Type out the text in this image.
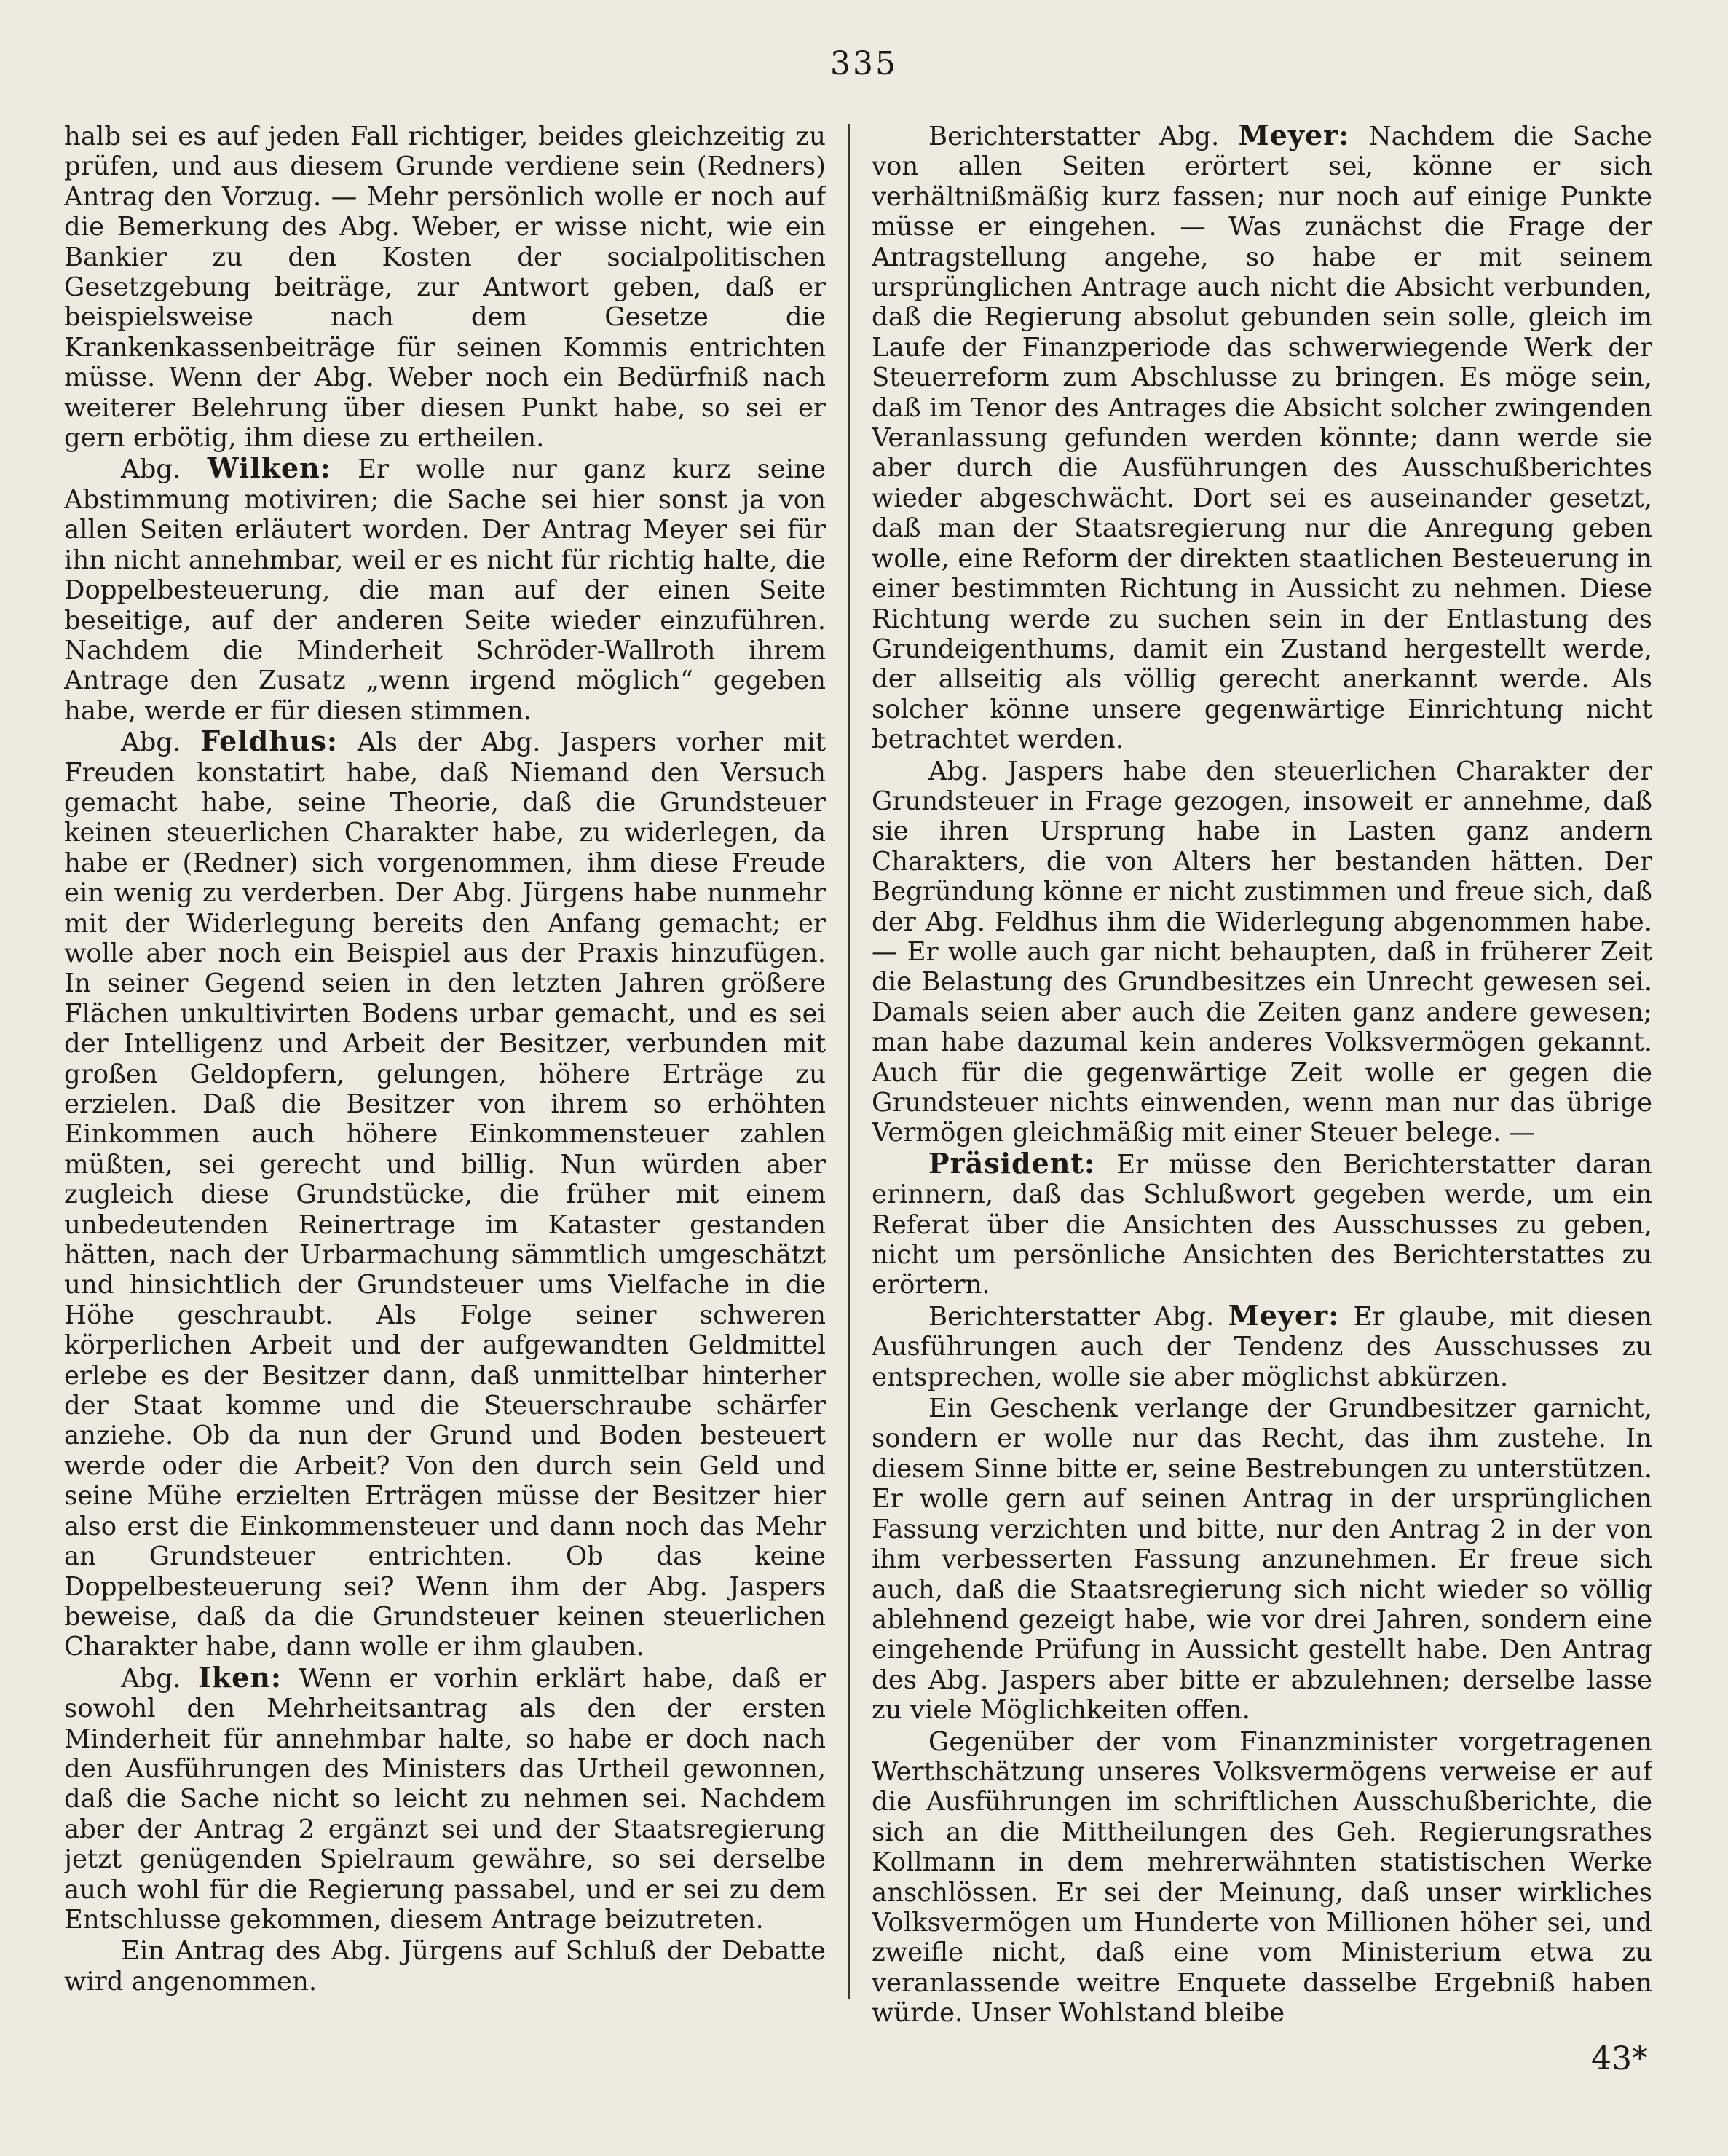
335

halb sei es auf jeden Fall richtiger, beides gleichzeitig zu prüfen, und aus diesem Grunde verdiene sein (Redners) Antrag den Vorzug. — Mehr persönlich wolle er noch auf die Bemerkung des Abg. Weber, er wisse nicht, wie ein Bankier zu den Kosten der socialpolitischen Gesetzgebung beiträge, zur Antwort geben, daß er beispielsweise nach dem Gesetze die Krankenkassenbeiträge für seinen Kommis entrichten müsse. Wenn der Abg. Weber noch ein Bedürfniß nach weiterer Belehrung über diesen Punkt habe, so sei er gern erbötig, ihm diese zu ertheilen.

Abg. Wilken: Er wolle nur ganz kurz seine Abstimmung motiviren; die Sache sei hier sonst ja von allen Seiten erläutert worden. Der Antrag Meyer sei für ihn nicht annehmbar, weil er es nicht für richtig halte, die Doppelbesteuerung, die man auf der einen Seite beseitige, auf der anderen Seite wieder einzuführen. Nachdem die Minderheit Schröder-Wallroth ihrem Antrage den Zusatz „wenn irgend möglich“ gegeben habe, werde er für diesen stimmen.

Abg. Feldhus: Als der Abg. Jaspers vorher mit Freuden konstatirt habe, daß Niemand den Versuch gemacht habe, seine Theorie, daß die Grundsteuer keinen steuerlichen Charakter habe, zu widerlegen, da habe er (Redner) sich vorgenommen, ihm diese Freude ein wenig zu verderben. Der Abg. Jürgens habe nunmehr mit der Widerlegung bereits den Anfang gemacht; er wolle aber noch ein Beispiel aus der Praxis hinzufügen. In seiner Gegend seien in den letzten Jahren größere Flächen unkultivirten Bodens urbar gemacht, und es sei der Intelligenz und Arbeit der Besitzer, verbunden mit großen Geldopfern, gelungen, höhere Erträge zu erzielen. Daß die Besitzer von ihrem so erhöhten Einkommen auch höhere Einkommensteuer zahlen müßten, sei gerecht und billig. Nun würden aber zugleich diese Grundstücke, die früher mit einem unbedeutenden Reinertrage im Kataster gestanden hätten, nach der Urbarmachung sämmtlich umgeschätzt und hinsichtlich der Grundsteuer ums Vielfache in die Höhe geschraubt. Als Folge seiner schweren körperlichen Arbeit und der aufgewandten Geldmittel erlebe es der Besitzer dann, daß unmittelbar hinterher der Staat komme und die Steuerschraube schärfer anziehe. Ob da nun der Grund und Boden besteuert werde oder die Arbeit? Von den durch sein Geld und seine Mühe erzielten Erträgen müsse der Besitzer hier also erst die Einkommensteuer und dann noch das Mehr an Grundsteuer entrichten. Ob das keine Doppelbesteuerung sei? Wenn ihm der Abg. Jaspers beweise, daß da die Grundsteuer keinen steuerlichen Charakter habe, dann wolle er ihm glauben.

Abg. Iken: Wenn er vorhin erklärt habe, daß er sowohl den Mehrheitsantrag als den der ersten Minderheit für annehmbar halte, so habe er doch nach den Ausführungen des Ministers das Urtheil gewonnen, daß die Sache nicht so leicht zu nehmen sei. Nachdem aber der Antrag 2 ergänzt sei und der Staatsregierung jetzt genügenden Spielraum gewähre, so sei derselbe auch wohl für die Regierung passabel, und er sei zu dem Entschlusse gekommen, diesem Antrage beizutreten.

Ein Antrag des Abg. Jürgens auf Schluß der Debatte wird angenommen.

Berichterstatter Abg. Meyer: Nachdem die Sache von allen Seiten erörtert sei, könne er sich verhältnißmäßig kurz fassen; nur noch auf einige Punkte müsse er eingehen. — Was zunächst die Frage der Antragstellung angehe, so habe er mit seinem ursprünglichen Antrage auch nicht die Absicht verbunden, daß die Regierung absolut gebunden sein solle, gleich im Laufe der Finanzperiode das schwerwiegende Werk der Steuerreform zum Abschlusse zu bringen. Es möge sein, daß im Tenor des Antrages die Absicht solcher zwingenden Veranlassung gefunden werden könnte; dann werde sie aber durch die Ausführungen des Ausschußberichtes wieder abgeschwächt. Dort sei es auseinander gesetzt, daß man der Staatsregierung nur die Anregung geben wolle, eine Reform der direkten staatlichen Besteuerung in einer bestimmten Richtung in Aussicht zu nehmen. Diese Richtung werde zu suchen sein in der Entlastung des Grundeigenthums, damit ein Zustand hergestellt werde, der allseitig als völlig gerecht anerkannt werde. Als solcher könne unsere gegenwärtige Einrichtung nicht betrachtet werden.

Abg. Jaspers habe den steuerlichen Charakter der Grundsteuer in Frage gezogen, insoweit er annehme, daß sie ihren Ursprung habe in Lasten ganz andern Charakters, die von Alters her bestanden hätten. Der Begründung könne er nicht zustimmen und freue sich, daß der Abg. Feldhus ihm die Widerlegung abgenommen habe. — Er wolle auch gar nicht behaupten, daß in früherer Zeit die Belastung des Grundbesitzes ein Unrecht gewesen sei. Damals seien aber auch die Zeiten ganz andere gewesen; man habe dazumal kein anderes Volksvermögen gekannt. Auch für die gegenwärtige Zeit wolle er gegen die Grundsteuer nichts einwenden, wenn man nur das übrige Vermögen gleichmäßig mit einer Steuer belege. —

Präsident: Er müsse den Berichterstatter daran erinnern, daß das Schlußwort gegeben werde, um ein Referat über die Ansichten des Ausschusses zu geben, nicht um persönliche Ansichten des Berichterstattes zu erörtern.

Berichterstatter Abg. Meyer: Er glaube, mit diesen Ausführungen auch der Tendenz des Ausschusses zu entsprechen, wolle sie aber möglichst abkürzen.

Ein Geschenk verlange der Grundbesitzer garnicht, sondern er wolle nur das Recht, das ihm zustehe. In diesem Sinne bitte er, seine Bestrebungen zu unterstützen. Er wolle gern auf seinen Antrag in der ursprünglichen Fassung verzichten und bitte, nur den Antrag 2 in der von ihm verbesserten Fassung anzunehmen. Er freue sich auch, daß die Staatsregierung sich nicht wieder so völlig ablehnend gezeigt habe, wie vor drei Jahren, sondern eine eingehende Prüfung in Aussicht gestellt habe. Den Antrag des Abg. Jaspers aber bitte er abzulehnen; derselbe lasse zu viele Möglichkeiten offen.

Gegenüber der vom Finanzminister vorgetragenen Werthschätzung unseres Volksvermögens verweise er auf die Ausführungen im schriftlichen Ausschußberichte, die sich an die Mittheilungen des Geh. Regierungsrathes Kollmann in dem mehrerwähnten statistischen Werke anschlössen. Er sei der Meinung, daß unser wirkliches Volksvermögen um Hunderte von Millionen höher sei, und zweifle nicht, daß eine vom Ministerium etwa zu veranlassende weitre Enquete dasselbe Ergebniß haben würde. Unser Wohlstand bleibe

43*
